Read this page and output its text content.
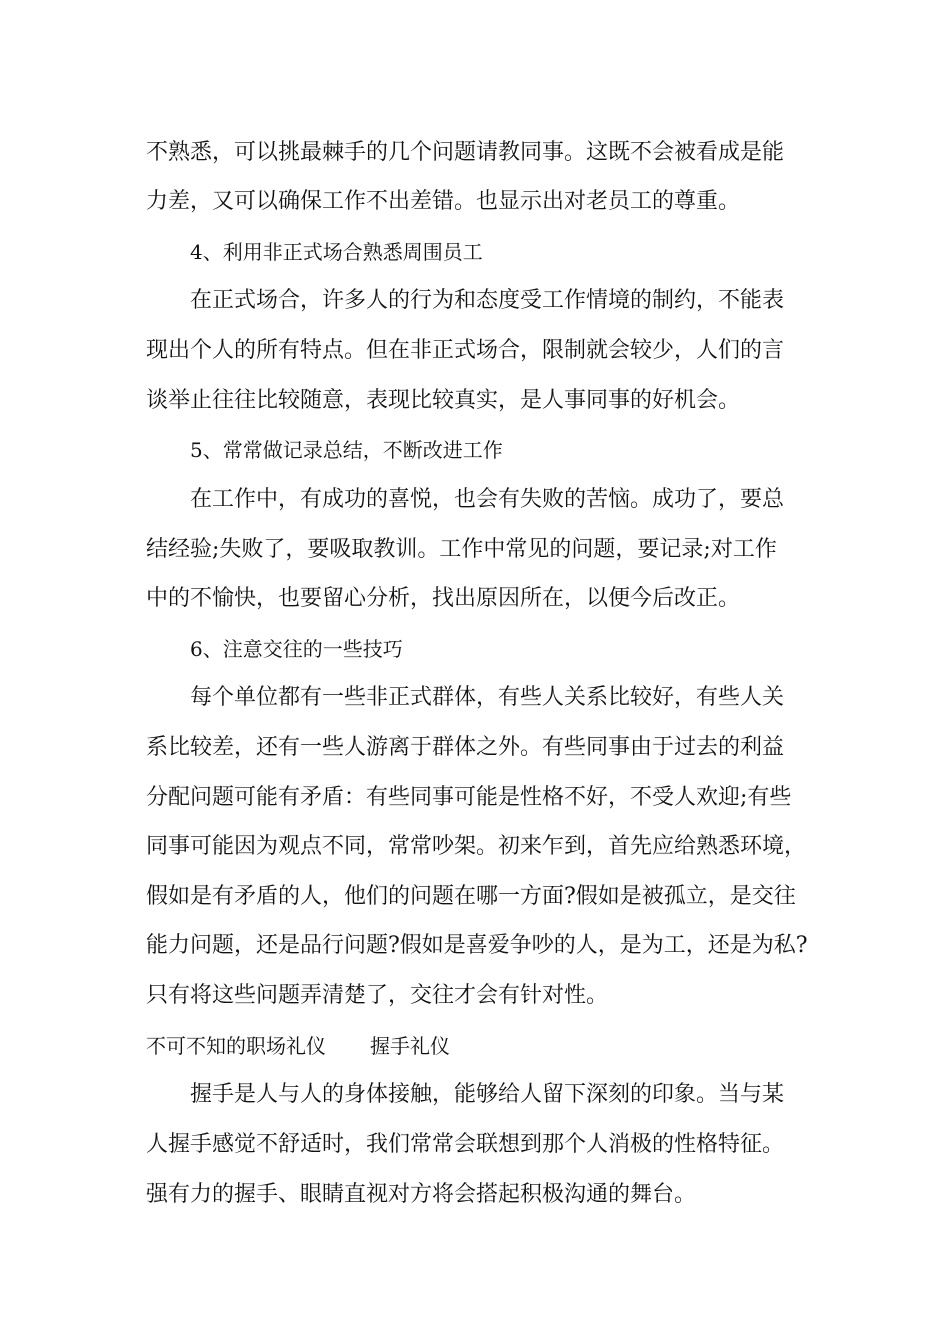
不熟悉，可以挑最棘手的几个问题请教同事。这既不会被看成是能
力差，又可以确保工作不出差错。也显示出对老员工的尊重。
4、利用非正式场合熟悉周围员工
在正式场合，许多人的行为和态度受工作情境的制约，不能表
现出个人的所有特点。但在非正式场合，限制就会较少，人们的言
谈举止往往比较随意，表现比较真实，是人事同事的好机会。
5、常常做记录总结，不断改进工作
在工作中，有成功的喜悦，也会有失败的苦恼。成功了，要总
结经验;失败了，要吸取教训。工作中常见的问题，要记录;对工作
中的不愉快，也要留心分析，找出原因所在，以便今后改正。
6、注意交往的一些技巧
每个单位都有一些非正式群体，有些人关系比较好，有些人关
系比较差，还有一些人游离于群体之外。有些同事由于过去的利益
分配问题可能有矛盾：有些同事可能是性格不好，不受人欢迎;有些
同事可能因为观点不同，常常吵架。初来乍到，首先应给熟悉环境，
假如是有矛盾的人，他们的问题在哪一方面?假如是被孤立，是交往
能力问题，还是品行问题?假如是喜爱争吵的人，是为工，还是为私?
只有将这些问题弄清楚了，交往才会有针对性。
不可不知的职场礼仪 握手礼仪
握手是人与人的身体接触，能够给人留下深刻的印象。当与某
人握手感觉不舒适时，我们常常会联想到那个人消极的性格特征。
强有力的握手、眼睛直视对方将会搭起积极沟通的舞台。
